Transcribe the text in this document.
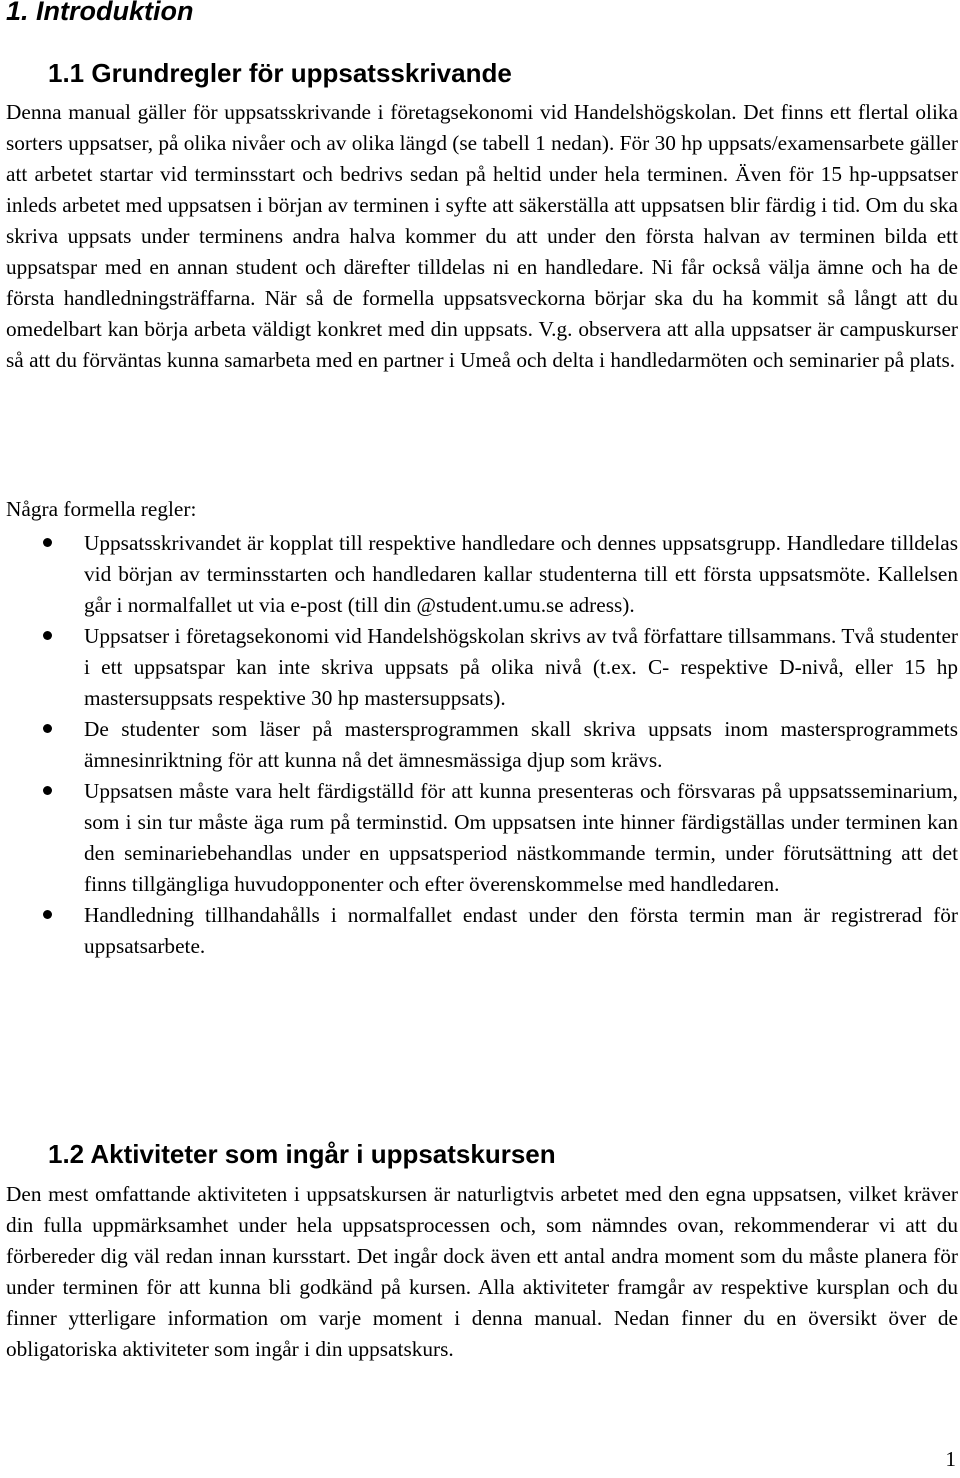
1. Introduktion
1.1 Grundregler för uppsatsskrivande

Denna manual gäller för uppsatsskrivande i företagsekonomi vid Handelshögskolan. Det finns ett flertal olika sorters uppsatser, på olika nivåer och av olika längd (se tabell 1 nedan). För 30 hp uppsats/examensarbete gäller att arbetet startar vid terminsstart och bedrivs sedan på heltid under hela terminen. Även för 15 hp-uppsatser inleds arbetet med uppsatsen i början av terminen i syfte att säkerställa att uppsatsen blir färdig i tid. Om du ska skriva uppsats under terminens andra halva kommer du att under den första halvan av terminen bilda ett uppsatspar med en annan student och därefter tilldelas ni en handledare. Ni får också välja ämne och ha de första handledningsträffarna. När så de formella uppsatsveckorna börjar ska du ha kommit så långt att du omedelbart kan börja arbeta väldigt konkret med din uppsats. V.g. observera att alla uppsatser är campuskurser så att du förväntas kunna samarbeta med en partner i Umeå och delta i handledarmöten och seminarier på plats.

Några formella regler:

Uppsatsskrivandet är kopplat till respektive handledare och dennes uppsatsgrupp. Handledare tilldelas vid början av terminsstarten och handledaren kallar studenterna till ett första uppsatsmöte. Kallelsen går i normalfallet ut via e-post (till din @student.umu.se adress).
Uppsatser i företagsekonomi vid Handelshögskolan skrivs av två författare tillsammans. Två studenter i ett uppsatspar kan inte skriva uppsats på olika nivå (t.ex. C- respektive D-nivå, eller 15 hp mastersuppsats respektive 30 hp mastersuppsats).
De studenter som läser på mastersprogrammen skall skriva uppsats inom mastersprogrammets ämnesinriktning för att kunna nå det ämnesmässiga djup som krävs.
Uppsatsen måste vara helt färdigställd för att kunna presenteras och försvaras på uppsatsseminarium, som i sin tur måste äga rum på terminstid. Om uppsatsen inte hinner färdigställas under terminen kan den seminariebehandlas under en uppsatsperiod nästkommande termin, under förutsättning att det finns tillgängliga huvudopponenter och efter överenskommelse med handledaren.
Handledning tillhandahålls i normalfallet endast under den första termin man är registrerad för uppsatsarbete.
1.2 Aktiviteter som ingår i uppsatskursen

Den mest omfattande aktiviteten i uppsatskursen är naturligtvis arbetet med den egna uppsatsen, vilket kräver din fulla uppmärksamhet under hela uppsatsprocessen och, som nämndes ovan, rekommenderar vi att du förbereder dig väl redan innan kursstart. Det ingår dock även ett antal andra moment som du måste planera för under terminen för att kunna bli godkänd på kursen. Alla aktiviteter framgår av respektive kursplan och du finner ytterligare information om varje moment i denna manual. Nedan finner du en översikt över de obligatoriska aktiviteter som ingår i din uppsatskurs.

1
